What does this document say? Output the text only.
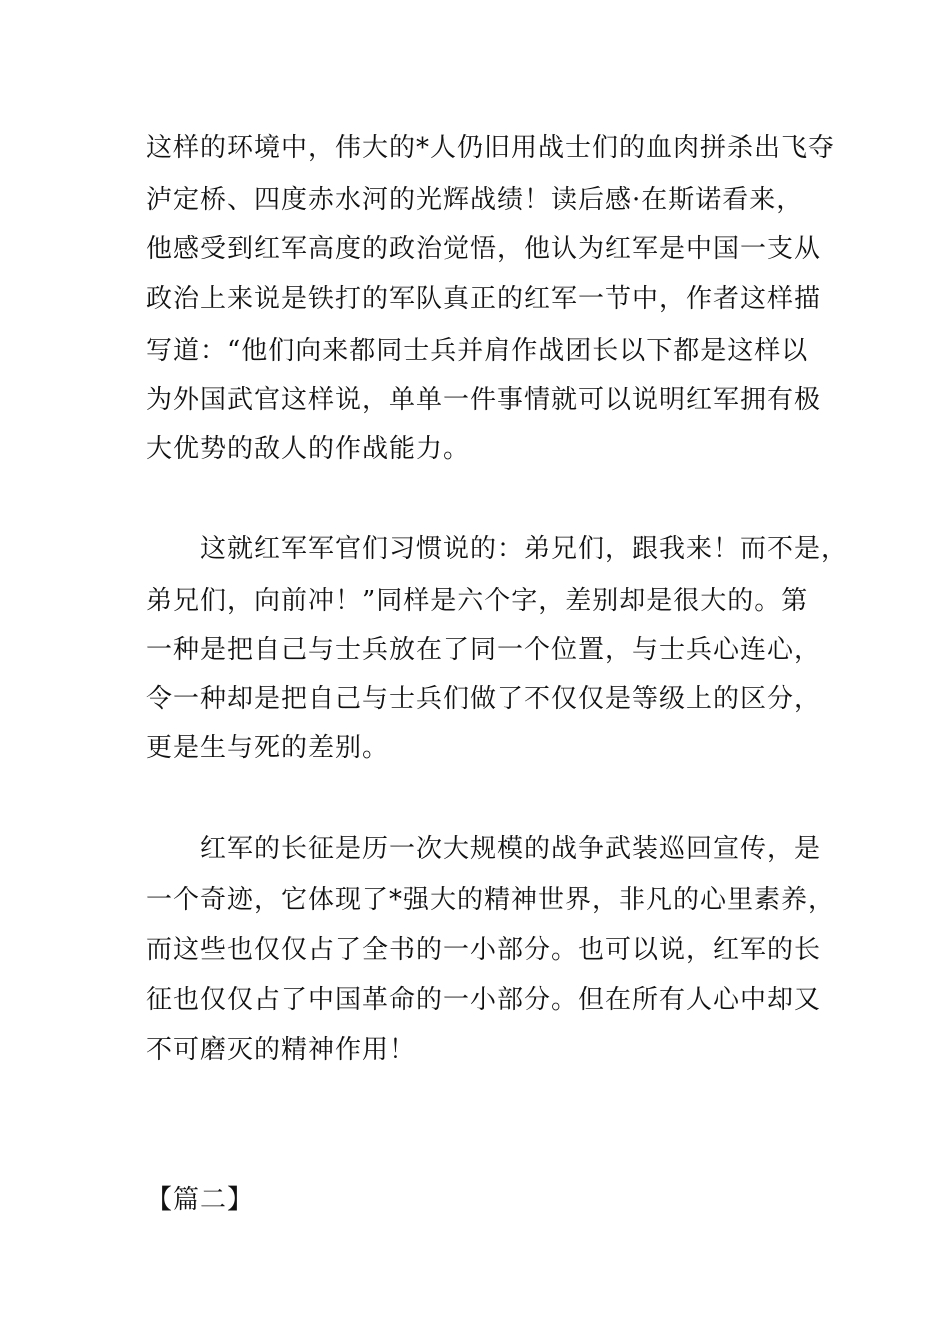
这样的环境中，伟大的*人仍旧用战士们的血肉拼杀出飞夺
泸定桥、四度赤水河的光辉战绩！读后感·在斯诺看来，
他感受到红军高度的政治觉悟，他认为红军是中国一支从
政治上来说是铁打的军队真正的红军一节中，作者这样描
写道：“他们向来都同士兵并肩作战团长以下都是这样以
为外国武官这样说，单单一件事情就可以说明红军拥有极
大优势的敌人的作战能力。
　　这就红军军官们习惯说的：弟兄们，跟我来！而不是，
弟兄们，向前冲！”同样是六个字，差别却是很大的。第
一种是把自己与士兵放在了同一个位置，与士兵心连心，
令一种却是把自己与士兵们做了不仅仅是等级上的区分，
更是生与死的差别。
　　红军的长征是历一次大规模的战争武装巡回宣传，是
一个奇迹，它体现了*强大的精神世界，非凡的心里素养，
而这些也仅仅占了全书的一小部分。也可以说，红军的长
征也仅仅占了中国革命的一小部分。但在所有人心中却又
不可磨灭的精神作用！
【篇二】
